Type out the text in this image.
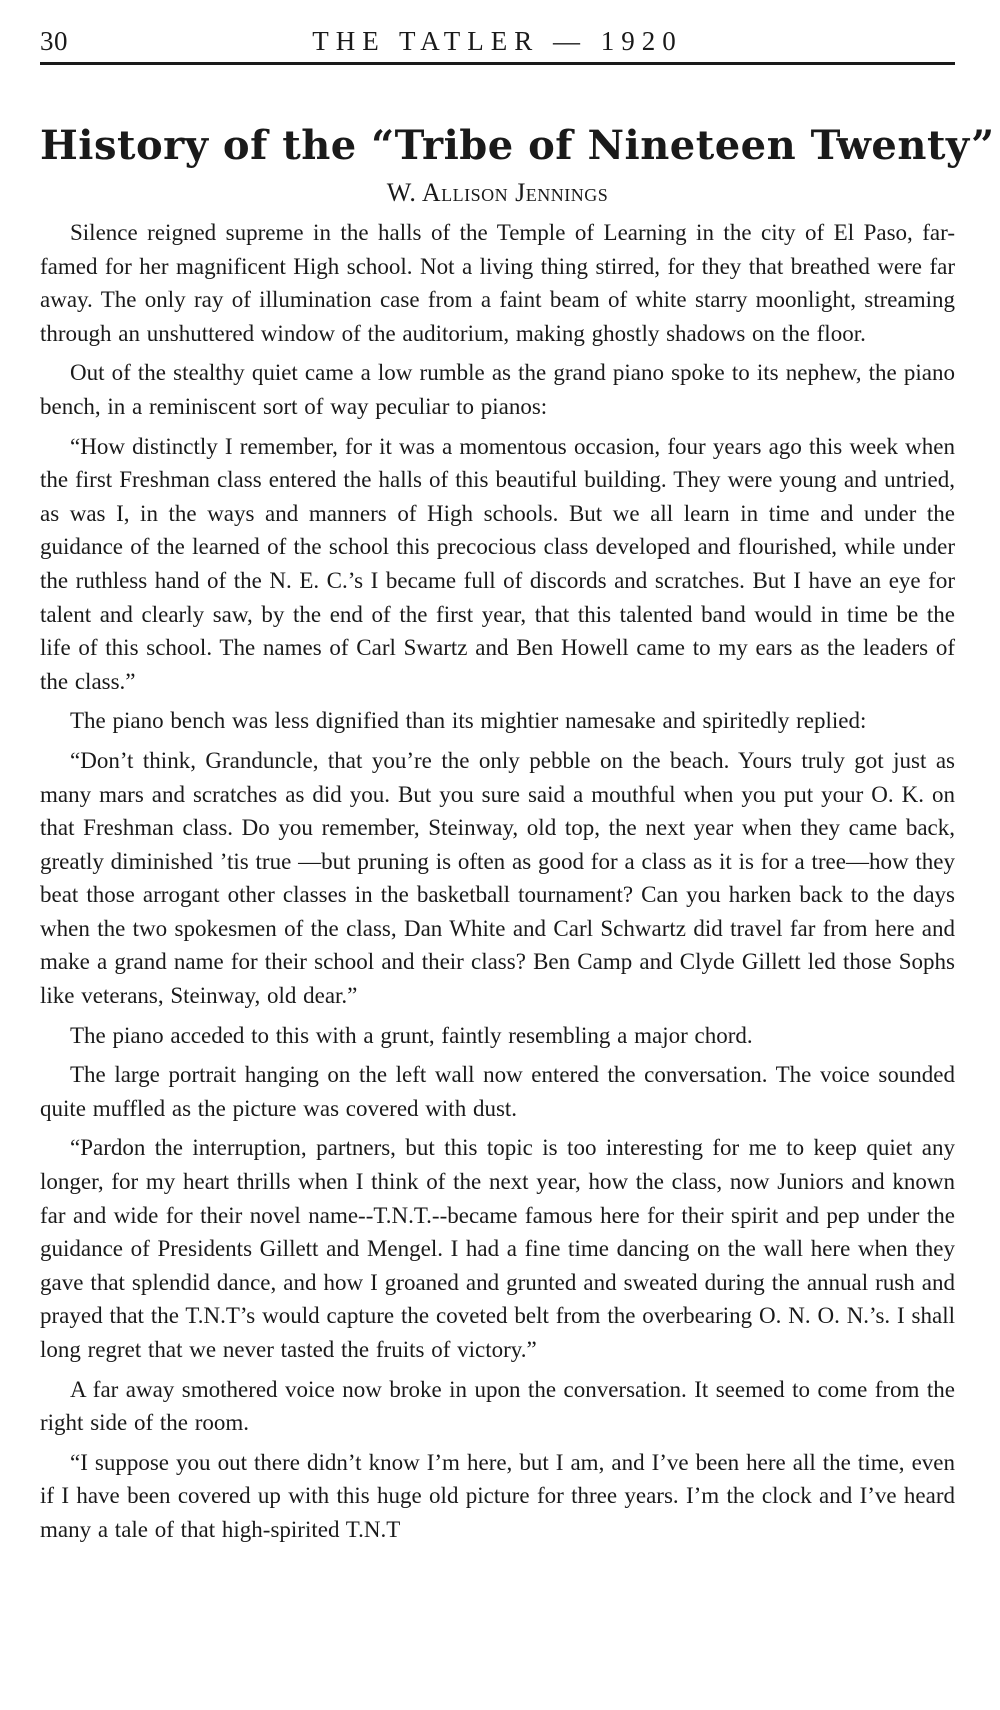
30	THE TATLER — 1920
History of the “Tribe of Nineteen Twenty”
W. Allison Jennings

Silence reigned supreme in the halls of the Temple of Learning in the city of El Paso, far-famed for her magnificent High school. Not a living thing stirred, for they that breathed were far away. The only ray of illumination case from a faint beam of white starry moonlight, streaming through an unshuttered window of the auditorium, making ghostly shadows on the floor.

Out of the stealthy quiet came a low rumble as the grand piano spoke to its nephew, the piano bench, in a reminiscent sort of way peculiar to pianos:

“How distinctly I remember, for it was a momentous occasion, four years ago this week when the first Freshman class entered the halls of this beautiful building. They were young and untried, as was I, in the ways and manners of High schools. But we all learn in time and under the guidance of the learned of the school this precocious class developed and flourished, while under the ruthless hand of the N. E. C.’s I became full of discords and scratches. But I have an eye for talent and clearly saw, by the end of the first year, that this talented band would in time be the life of this school. The names of Carl Swartz and Ben Howell came to my ears as the leaders of the class.”

The piano bench was less dignified than its mightier namesake and spiritedly replied:

“Don’t think, Granduncle, that you’re the only pebble on the beach. Yours truly got just as many mars and scratches as did you. But you sure said a mouthful when you put your O. K. on that Freshman class. Do you remember, Steinway, old top, the next year when they came back, greatly diminished ’tis true —but pruning is often as good for a class as it is for a tree—how they beat those arrogant other classes in the basketball tournament? Can you harken back to the days when the two spokesmen of the class, Dan White and Carl Schwartz did travel far from here and make a grand name for their school and their class? Ben Camp and Clyde Gillett led those Sophs like veterans, Steinway, old dear.”

The piano acceded to this with a grunt, faintly resembling a major chord.

The large portrait hanging on the left wall now entered the conversation. The voice sounded quite muffled as the picture was covered with dust.

“Pardon the interruption, partners, but this topic is too interesting for me to keep quiet any longer, for my heart thrills when I think of the next year, how the class, now Juniors and known far and wide for their novel name--T.N.T.--became famous here for their spirit and pep under the guidance of Presidents Gillett and Mengel. I had a fine time dancing on the wall here when they gave that splendid dance, and how I groaned and grunted and sweated during the annual rush and prayed that the T.N.T’s would capture the coveted belt from the overbearing O. N. O. N.’s. I shall long regret that we never tasted the fruits of victory.”

A far away smothered voice now broke in upon the conversation. It seemed to come from the right side of the room.

“I suppose you out there didn’t know I’m here, but I am, and I’ve been here all the time, even if I have been covered up with this huge old picture for three years. I’m the clock and I’ve heard many a tale of that high-spirited T.N.T
